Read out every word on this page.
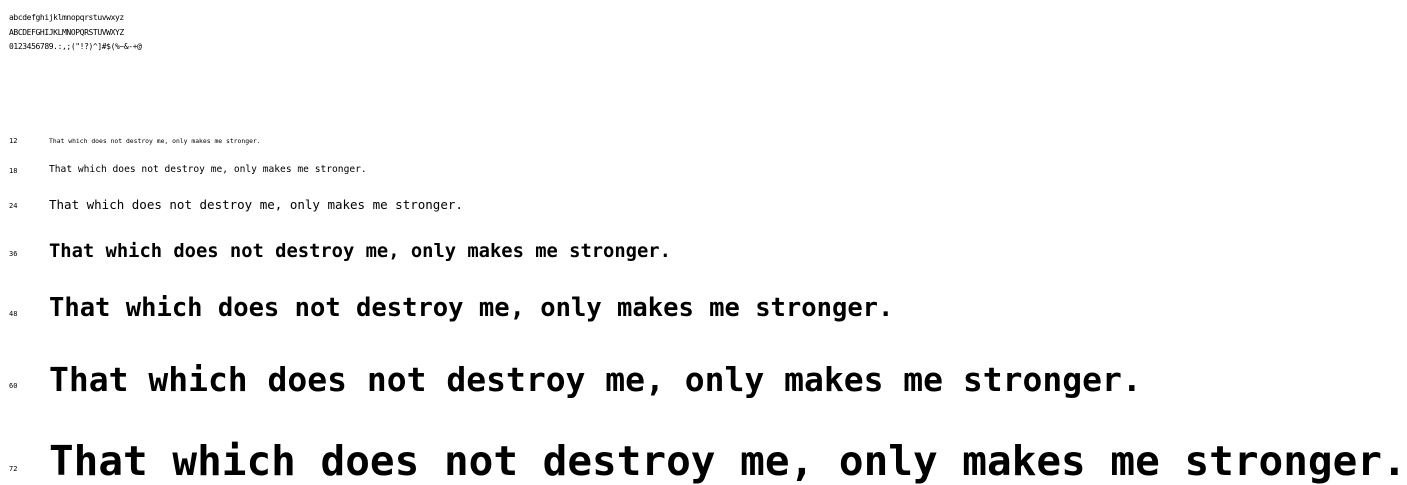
abcdefghijklmnopqrstuvwxyz
ABCDEFGHIJKLMNOPQRSTUVWXYZ
0123456789.:,;("!?)^]#$(%~&-+@
12	That which does not destroy me, only makes me stronger.
18	That which does not destroy me, only makes me stronger.
24	That which does not destroy me, only makes me stronger.
36 That which does not destroy me, only makes me stronger.
48 That which does not destroy me, only makes me stronger.
60 That which does not destroy me, only makes me stronger.
72 That which does not destroy me, only makes me stronger.
